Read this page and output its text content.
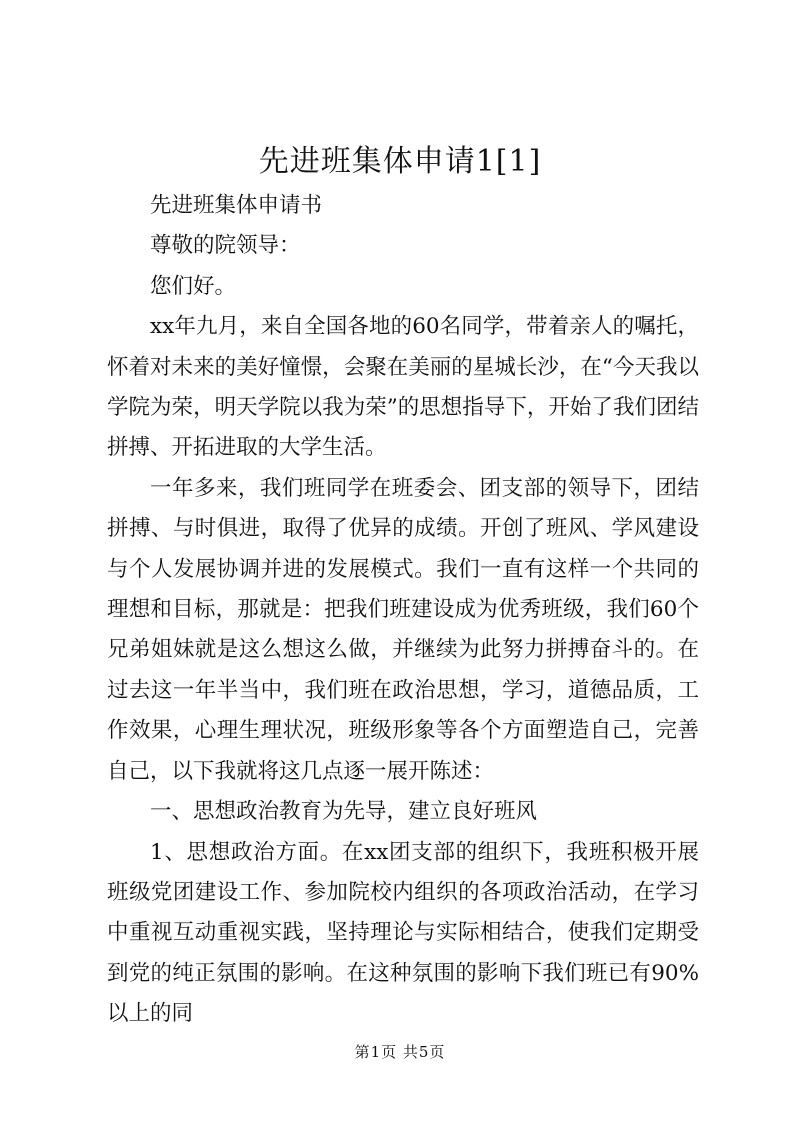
先进班集体申请1[1]

先进班集体申请书

尊敬的院领导：

您们好。

xx年九月，来自全国各地的60名同学，带着亲人的嘱托，怀着对未来的美好憧憬，会聚在美丽的星城长沙，在“今天我以学院为荣，明天学院以我为荣”的思想指导下，开始了我们团结拼搏、开拓进取的大学生活。

一年多来，我们班同学在班委会、团支部的领导下，团结拼搏、与时俱进，取得了优异的成绩。开创了班风、学风建设与个人发展协调并进的发展模式。我们一直有这样一个共同的理想和目标，那就是：把我们班建设成为优秀班级，我们60个兄弟姐妹就是这么想这么做，并继续为此努力拼搏奋斗的。在过去这一年半当中，我们班在政治思想，学习，道德品质，工作效果，心理生理状况，班级形象等各个方面塑造自己，完善自己，以下我就将这几点逐一展开陈述：

一、思想政治教育为先导，建立良好班风

1、思想政治方面。在xx团支部的组织下，我班积极开展班级党团建设工作、参加院校内组织的各项政治活动，在学习中重视互动重视实践，坚持理论与实际相结合，使我们定期受到党的纯正氛围的影响。在这种氛围的影响下我们班已有90%以上的同

第1页 共5页
